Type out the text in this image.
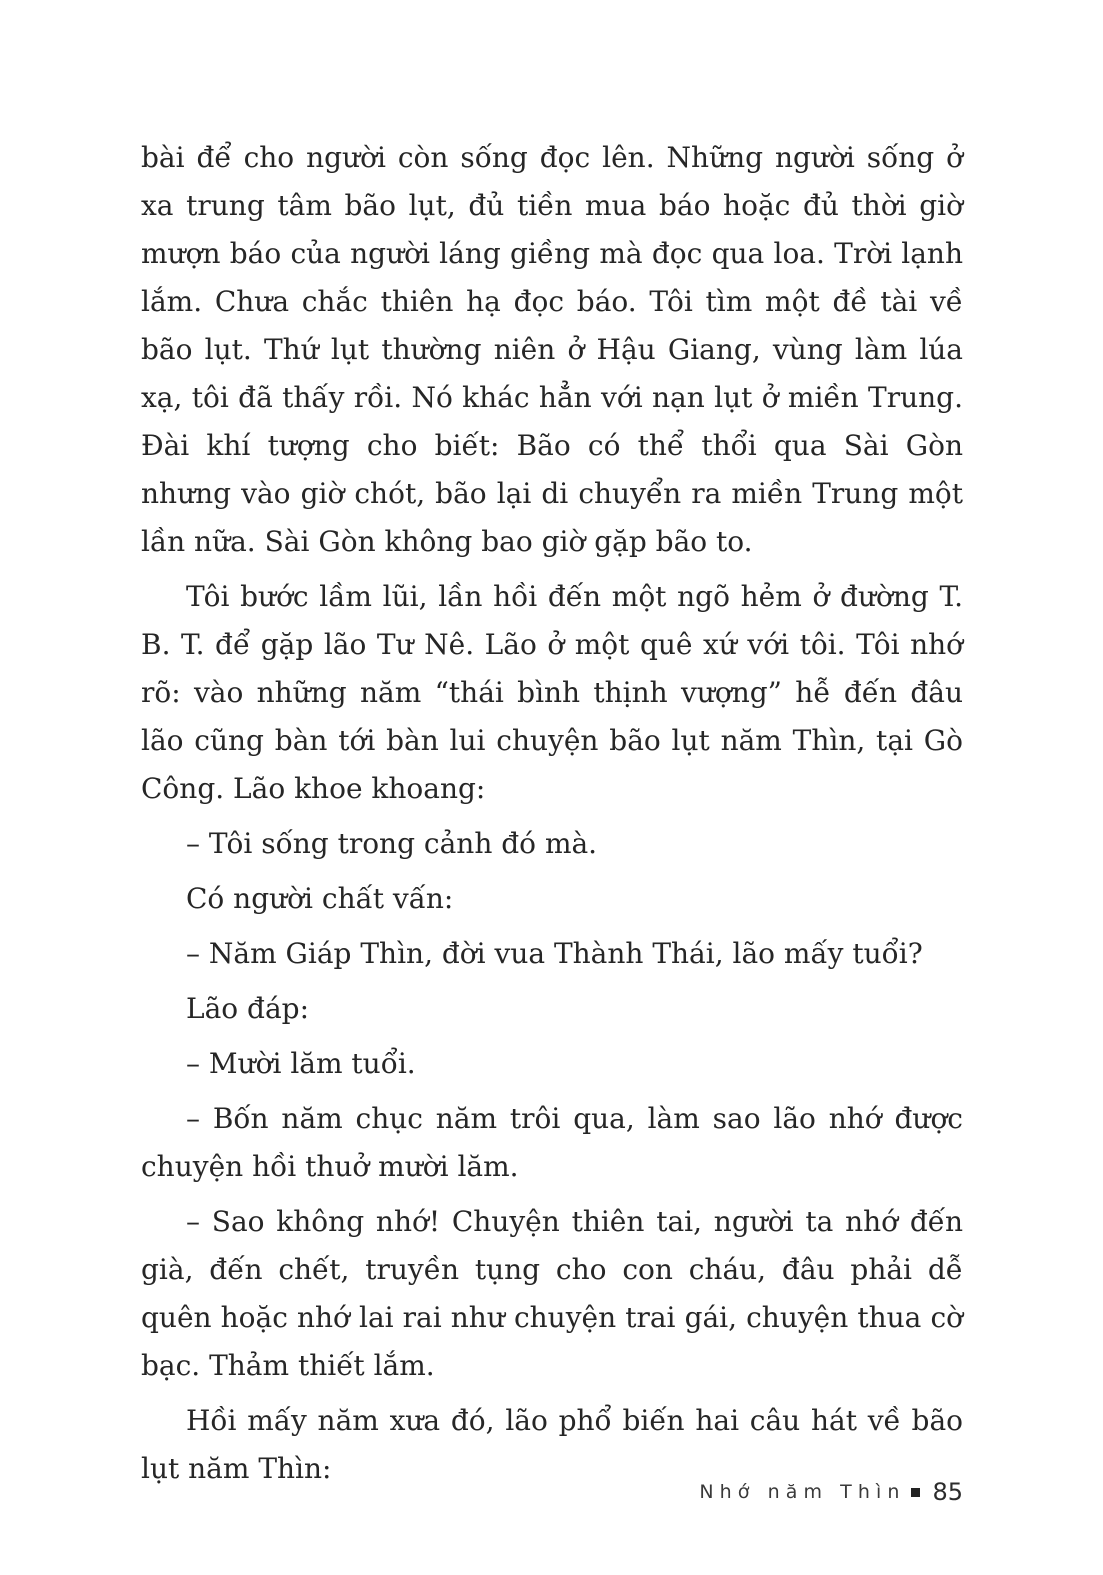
bài để cho người còn sống đọc lên. Những người sống ở xa trung tâm bão lụt, đủ tiền mua báo hoặc đủ thời giờ mượn báo của người láng giềng mà đọc qua loa. Trời lạnh lắm. Chưa chắc thiên hạ đọc báo. Tôi tìm một đề tài về bão lụt. Thứ lụt thường niên ở Hậu Giang, vùng làm lúa xạ, tôi đã thấy rồi. Nó khác hẳn với nạn lụt ở miền Trung. Đài khí tượng cho biết: Bão có thể thổi qua Sài Gòn nhưng vào giờ chót, bão lại di chuyển ra miền Trung một lần nữa. Sài Gòn không bao giờ gặp bão to.

Tôi bước lầm lũi, lần hồi đến một ngõ hẻm ở đường T. B. T. để gặp lão Tư Nê. Lão ở một quê xứ với tôi. Tôi nhớ rõ: vào những năm “thái bình thịnh vượng” hễ đến đâu lão cũng bàn tới bàn lui chuyện bão lụt năm Thìn, tại Gò Công. Lão khoe khoang:

– Tôi sống trong cảnh đó mà.

Có người chất vấn:

– Năm Giáp Thìn, đời vua Thành Thái, lão mấy tuổi?

Lão đáp:

– Mười lăm tuổi.

– Bốn năm chục năm trôi qua, làm sao lão nhớ được chuyện hồi thuở mười lăm.

– Sao không nhớ! Chuyện thiên tai, người ta nhớ đến già, đến chết, truyền tụng cho con cháu, đâu phải dễ quên hoặc nhớ lai rai như chuyện trai gái, chuyện thua cờ bạc. Thảm thiết lắm.

Hồi mấy năm xưa đó, lão phổ biến hai câu hát về bão lụt năm Thìn:

Nhớ năm Thìn 85
